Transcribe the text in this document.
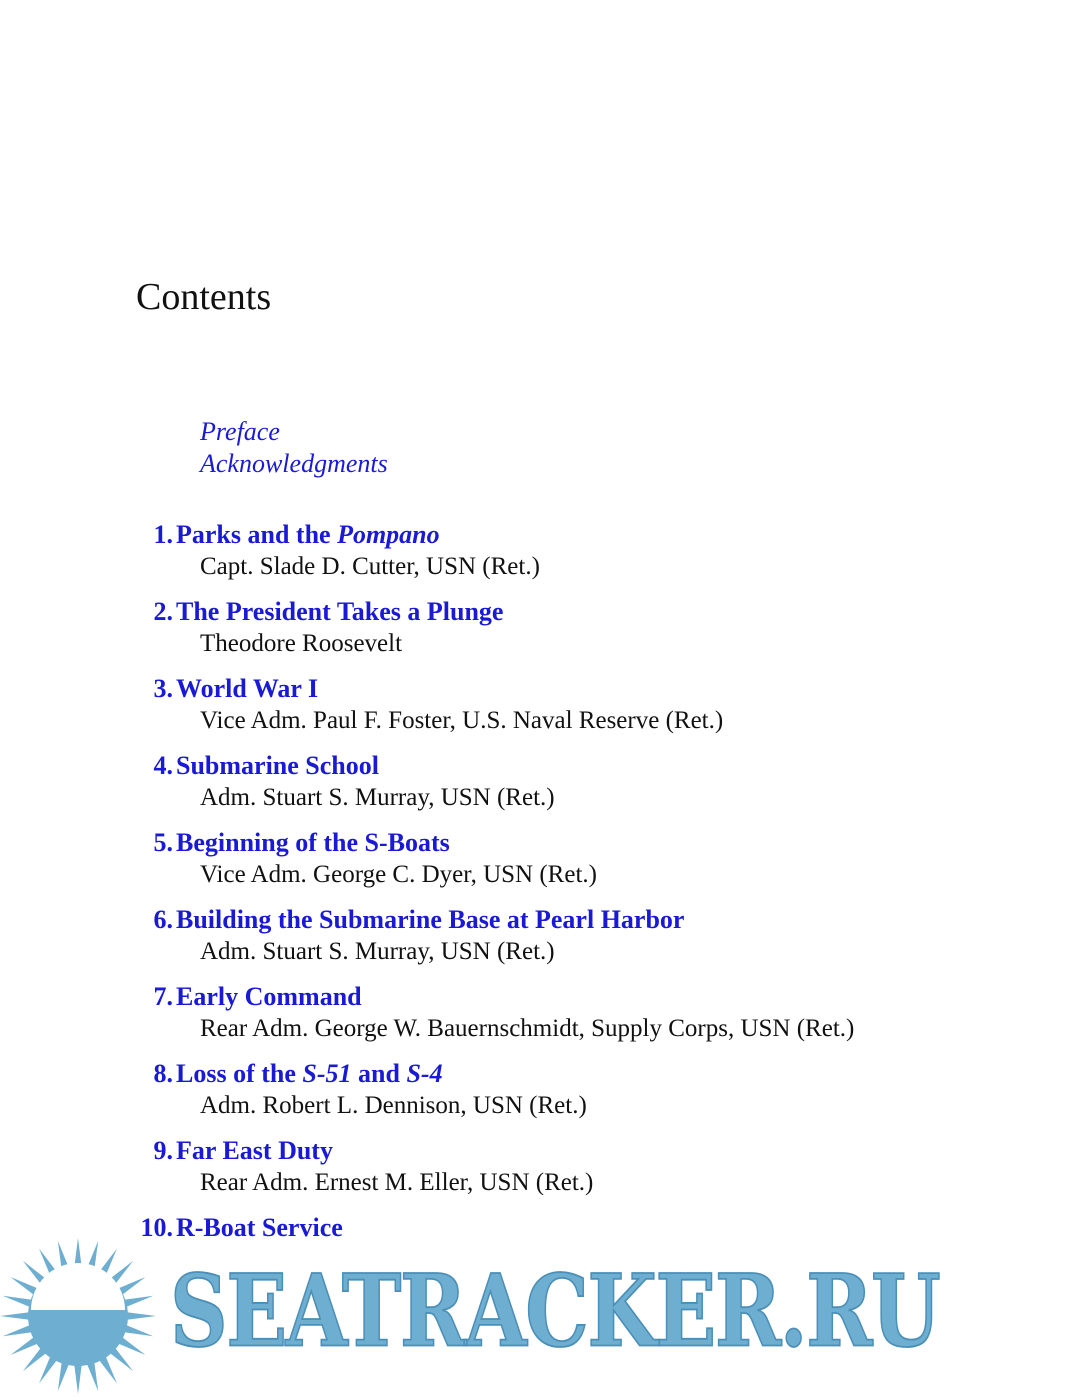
Contents
Preface
Acknowledgments
1. Parks and the Pompano
Capt. Slade D. Cutter, USN (Ret.)
2. The President Takes a Plunge
Theodore Roosevelt
3. World War I
Vice Adm. Paul F. Foster, U.S. Naval Reserve (Ret.)
4. Submarine School
Adm. Stuart S. Murray, USN (Ret.)
5. Beginning of the S-Boats
Vice Adm. George C. Dyer, USN (Ret.)
6. Building the Submarine Base at Pearl Harbor
Adm. Stuart S. Murray, USN (Ret.)
7. Early Command
Rear Adm. George W. Bauernschmidt, Supply Corps, USN (Ret.)
8. Loss of the S-51 and S-4
Adm. Robert L. Dennison, USN (Ret.)
9. Far East Duty
Rear Adm. Ernest M. Eller, USN (Ret.)
10. R-Boat Service
SEATRACKER.RU
